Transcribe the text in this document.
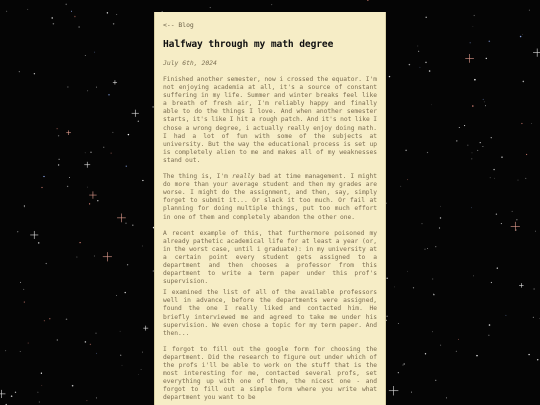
<-- Blog
Halfway through my math degree
July 6th, 2024

Finished another semester, now i crossed the equator. I'm not enjoying academia at all, it's a source of constant suffering in my life. Summer and winter breaks feel like a breath of fresh air, I'm reliably happy and finally able to do the things I love. And when another semester starts, it's like I hit a rough patch. And it's not like I chose a wrong degree, i actually really enjoy doing math. I had a lot of fun with some of the subjects at university. But the way the educational process is set up is completely alien to me and makes all of my weaknesses stand out.

The thing is, I'm really bad at time management. I might do more than your average student and then my grades are worse. I might do the assignment, and then, say, simply forget to submit it... Or slack it too much. Or fail at planning for doing multiple things, put too much effort in one of them and completely abandon the other one.

A recent example of this, that furthermore poisoned my already pathetic academical life for at least a year (or, in the worst case, until i graduate): in my university at a certain point every student gets assigned to a department and then chooses a professor from this department to write a term paper under this prof's supervision.

I examined the list of all of the available professors well in advance, before the departments were assigned, found the one I really liked and contacted him. He briefly interviewed me and agreed to take me under his supervision. We even chose a topic for my term paper. And then...

I forgot to fill out the google form for choosing the department. Did the research to figure out under which of the profs i'll be able to work on the stuff that is the most interesting for me, contacted several profs, set everything up with one of them, the nicest one - and forgot to fill out a simple form where you write what department you want to be
